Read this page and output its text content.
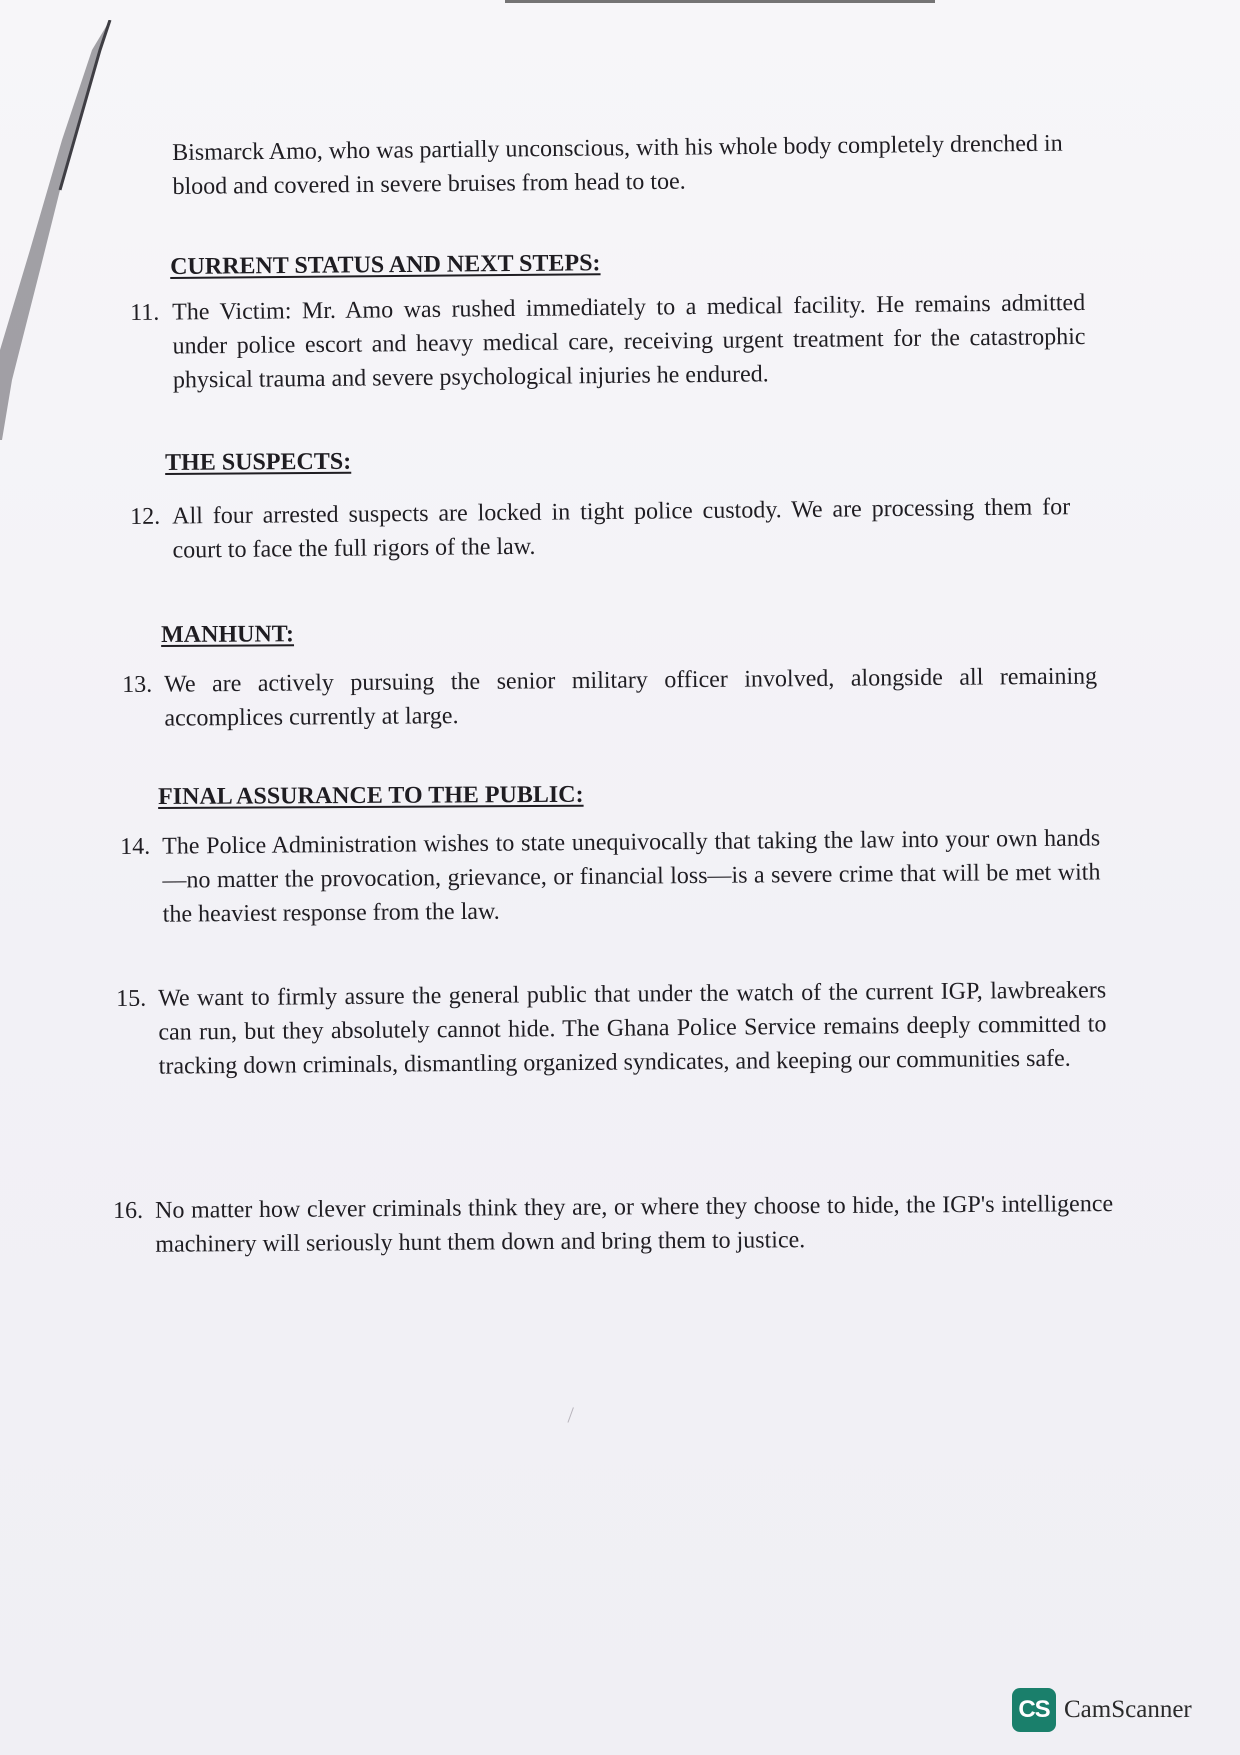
Bismarck Amo, who was partially unconscious, with his whole body completely drenched in blood and covered in severe bruises from head to toe.

CURRENT STATUS AND NEXT STEPS:
11. The Victim: Mr. Amo was rushed immediately to a medical facility. He remains admitted under police escort and heavy medical care, receiving urgent treatment for the catastrophic physical trauma and severe psychological injuries he endured.
THE SUSPECTS:
12. All four arrested suspects are locked in tight police custody. We are processing them for court to face the full rigors of the law.
MANHUNT:
13. We are actively pursuing the senior military officer involved, alongside all remaining accomplices currently at large.
FINAL ASSURANCE TO THE PUBLIC:
14. The Police Administration wishes to state unequivocally that taking the law into your own hands—no matter the provocation, grievance, or financial loss—is a severe crime that will be met with the heaviest response from the law.
15. We want to firmly assure the general public that under the watch of the current IGP, lawbreakers can run, but they absolutely cannot hide. The Ghana Police Service remains deeply committed to tracking down criminals, dismantling organized syndicates, and keeping our communities safe.
16. No matter how clever criminals think they are, or where they choose to hide, the IGP's intelligence machinery will seriously hunt them down and bring them to justice.
CS CamScanner
